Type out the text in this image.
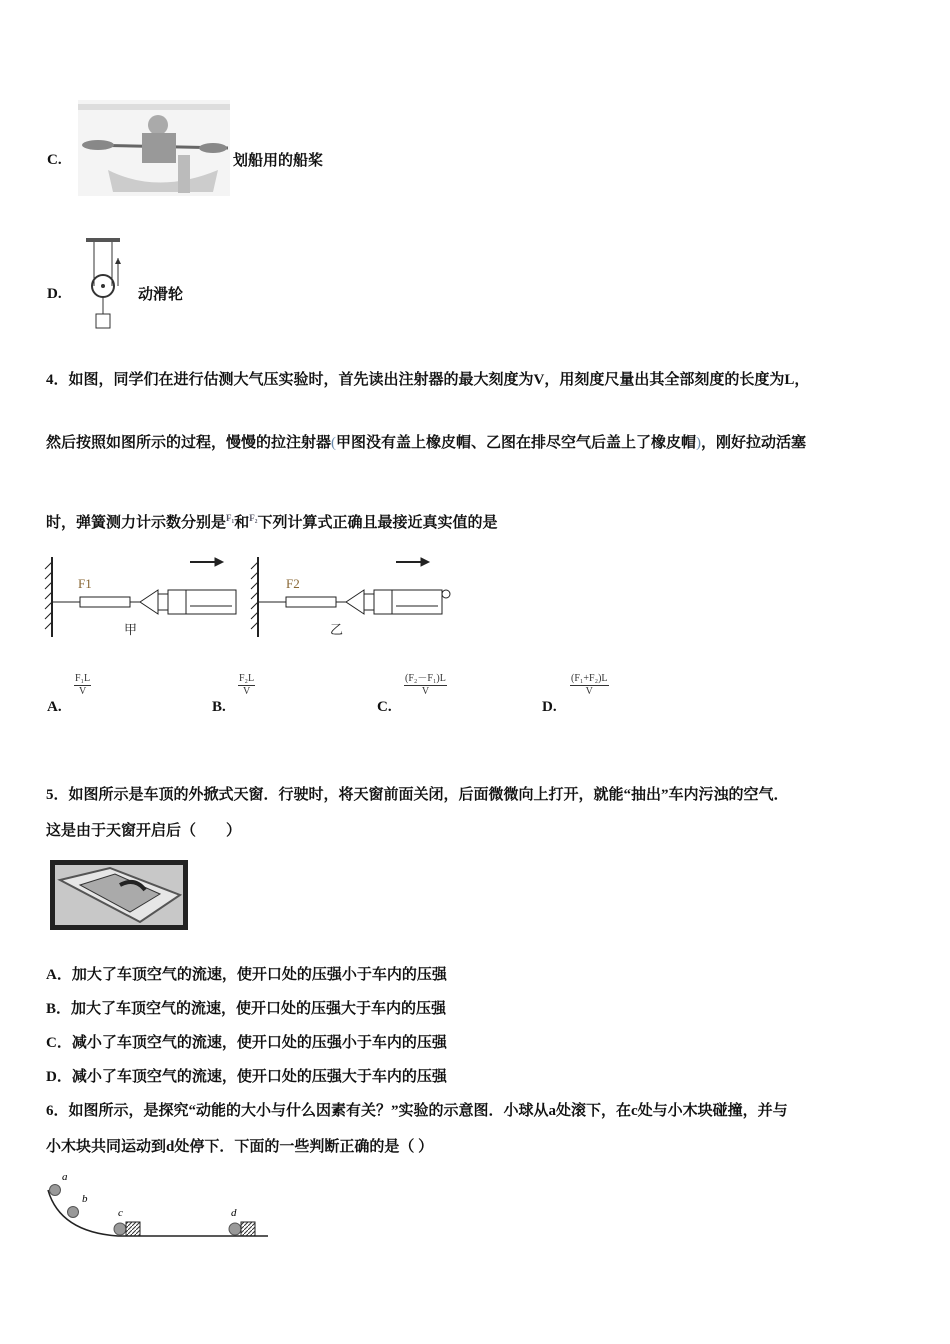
C.	划船用的船桨
D.	动滑轮
4．如图，同学们在进行估测大气压实验时，首先读出注射器的最大刻度为V，用刻度尺量出其全部刻度的长度为L，
然后按照如图所示的过程，慢慢的拉注射器(甲图没有盖上橡皮帽、乙图在排尽空气后盖上了橡皮帽)，刚好拉动活塞
时，弹簧测力计示数分别是$^{F_1}$和$^{F_2}$下列计算式正确且最接近真实值的是
F1	F2
甲	乙
A.
$\frac{\text{F₁L}}{V}$
B.
$\frac{\text{F₂L}}{V}$
C.
$\frac{\text{(F₂－F₁)L}}{V}$
D.
$\frac{\text{(F₁+F₂)L}}{V}$
5．如图所示是车顶的外掀式天窗．行驶时，将天窗前面关闭，后面微微向上打开，就能“抽出”车内污浊的空气．
这是由于天窗开启后（　　）
A．加大了车顶空气的流速，使开口处的压强小于车内的压强
B．加大了车顶空气的流速，使开口处的压强大于车内的压强
C．减小了车顶空气的流速，使开口处的压强小于车内的压强
D．减小了车顶空气的流速，使开口处的压强大于车内的压强
6．如图所示，是探究“动能的大小与什么因素有关？”实验的示意图．小球从a处滚下，在c处与小木块碰撞，并与
小木块共同运动到d处停下．下面的一些判断正确的是（ ）
a
b
c	d
